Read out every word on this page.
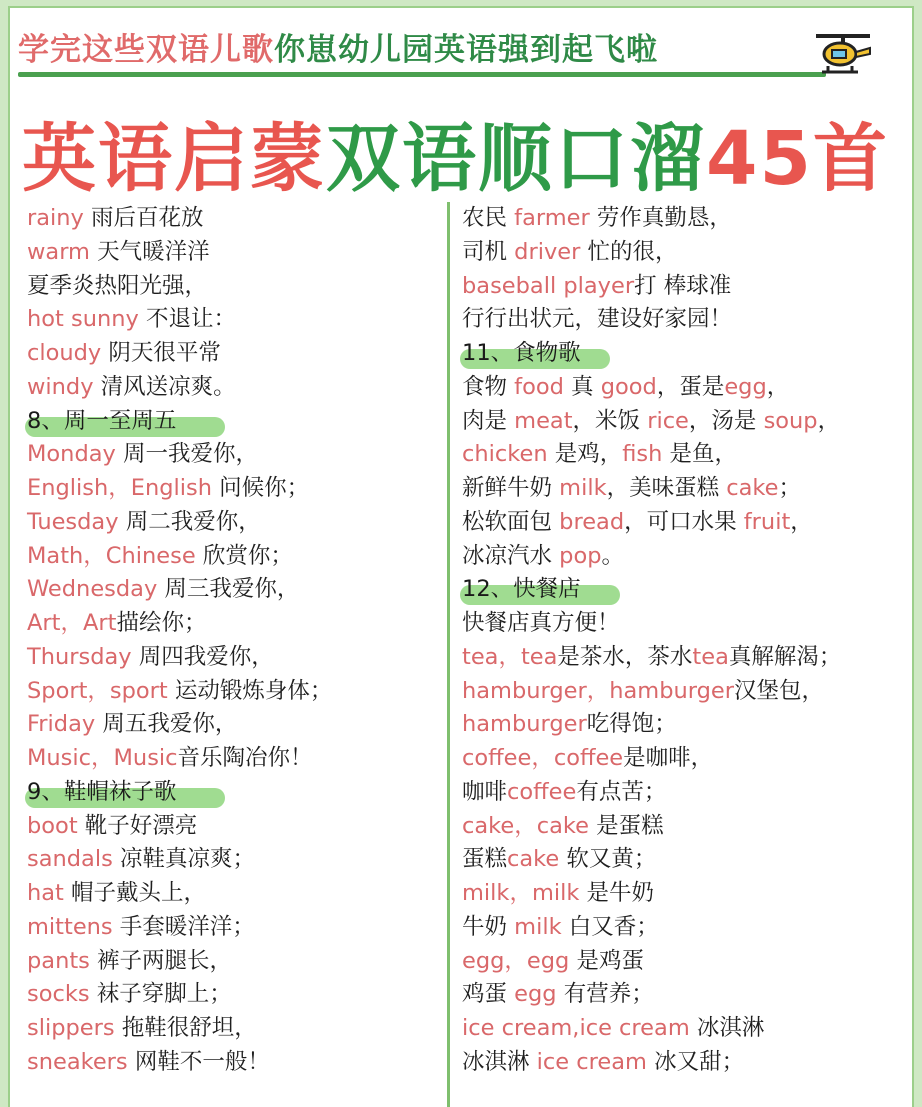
学完这些双语儿歌你崽幼儿园英语强到起飞啦
英语启蒙双语顺口溜45首
rainy 雨后百花放
warm 天气暖洋洋
夏季炎热阳光强，
hot sunny 不退让：
cloudy 阴天很平常
windy 清风送凉爽。
8、周一至周五
Monday 周一我爱你，
English，English 问候你；
Tuesday 周二我爱你，
Math，Chinese 欣赏你；
Wednesday 周三我爱你，
Art，Art描绘你；
Thursday 周四我爱你，
Sport，sport 运动锻炼身体；
Friday 周五我爱你，
Music，Music音乐陶冶你！
9、鞋帽袜子歌
boot 靴子好漂亮
sandals 凉鞋真凉爽；
hat 帽子戴头上，
mittens 手套暖洋洋；
pants 裤子两腿长，
socks 袜子穿脚上；
slippers 拖鞋很舒坦，
sneakers 网鞋不一般！
农民 farmer 劳作真勤恳，
司机 driver 忙的很，
baseball player打 棒球准
行行出状元，建设好家园！
11、食物歌
食物 food 真 good，蛋是egg，
肉是 meat，米饭 rice，汤是 soup，
chicken 是鸡，fish 是鱼，
新鲜牛奶 milk，美味蛋糕 cake；
松软面包 bread，可口水果 fruit，
冰凉汽水 pop。
12、快餐店
快餐店真方便！
tea，tea是茶水，茶水tea真解解渴；
hamburger，hamburger汉堡包，
hamburger吃得饱；
coffee，coffee是咖啡，
咖啡coffee有点苦；
cake，cake 是蛋糕
蛋糕cake 软又黄；
milk，milk 是牛奶
牛奶 milk 白又香；
egg，egg 是鸡蛋
鸡蛋 egg 有营养；
ice cream,ice cream 冰淇淋
冰淇淋 ice cream 冰又甜；
